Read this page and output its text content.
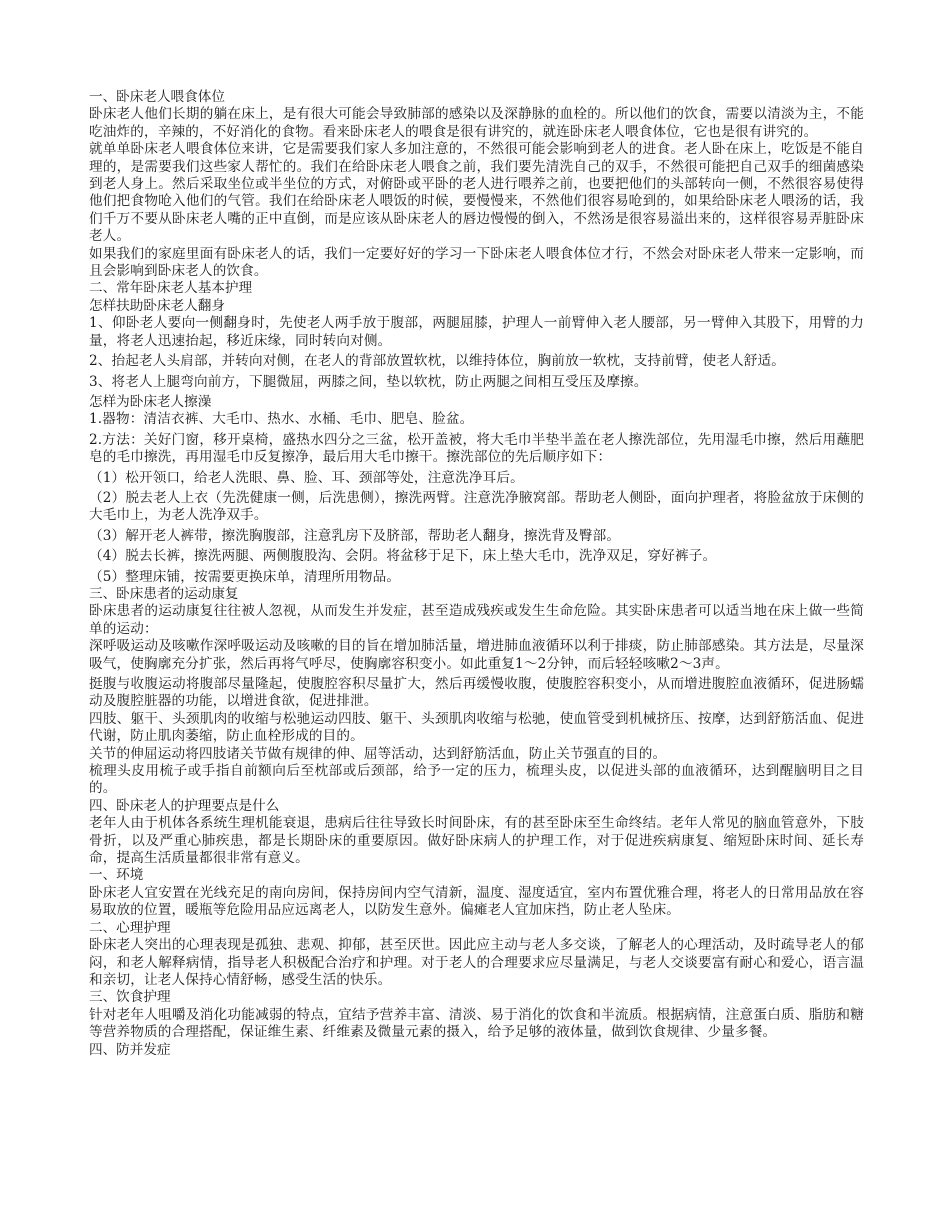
一、卧床老人喂食体位

卧床老人他们长期的躺在床上，是有很大可能会导致肺部的感染以及深静脉的血栓的。所以他们的饮食，需要以清淡为主，不能吃油炸的，辛辣的，不好消化的食物。看来卧床老人的喂食是很有讲究的，就连卧床老人喂食体位，它也是很有讲究的。

就单单卧床老人喂食体位来讲，它是需要我们家人多加注意的，不然很可能会影响到老人的进食。老人卧在床上，吃饭是不能自理的，是需要我们这些家人帮忙的。我们在给卧床老人喂食之前，我们要先清洗自己的双手，不然很可能把自己双手的细菌感染到老人身上。然后采取坐位或半坐位的方式，对俯卧或平卧的老人进行喂养之前，也要把他们的头部转向一侧，不然很容易使得他们把食物呛入他们的气管。我们在给卧床老人喂饭的时候，要慢慢来，不然他们很容易呛到的，如果给卧床老人喂汤的话，我们千万不要从卧床老人嘴的正中直倒，而是应该从卧床老人的唇边慢慢的倒入，不然汤是很容易溢出来的，这样很容易弄脏卧床老人。

如果我们的家庭里面有卧床老人的话，我们一定要好好的学习一下卧床老人喂食体位才行，不然会对卧床老人带来一定影响，而且会影响到卧床老人的饮食。

二、常年卧床老人基本护理

怎样扶助卧床老人翻身

1、仰卧老人要向一侧翻身时，先使老人两手放于腹部，两腿屈膝，护理人一前臂伸入老人腰部，另一臂伸入其股下，用臂的力量，将老人迅速抬起，移近床缘，同时转向对侧。

2、抬起老人头肩部，并转向对侧，在老人的背部放置软枕，以维持体位，胸前放一软枕，支持前臂，使老人舒适。

3、将老人上腿弯向前方，下腿微屈，两膝之间，垫以软枕，防止两腿之间相互受压及摩擦。

怎样为卧床老人擦澡

1.器物：清洁衣裤、大毛巾、热水、水桶、毛巾、肥皂、脸盆。

2.方法：关好门窗，移开桌椅，盛热水四分之三盆，松开盖被，将大毛巾半垫半盖在老人擦洗部位，先用湿毛巾擦，然后用蘸肥皂的毛巾擦洗，再用湿毛巾反复擦净，最后用大毛巾擦干。擦洗部位的先后顺序如下：

（1）松开领口，给老人洗眼、鼻、脸、耳、颈部等处，注意洗净耳后。

（2）脱去老人上衣（先洗健康一侧，后洗患侧），擦洗两臂。注意洗净腋窝部。帮助老人侧卧，面向护理者，将脸盆放于床侧的大毛巾上，为老人洗净双手。

（3）解开老人裤带，擦洗胸腹部，注意乳房下及脐部，帮助老人翻身，擦洗背及臀部。

（4）脱去长裤，擦洗两腿、两侧腹股沟、会阴。将盆移于足下，床上垫大毛巾，洗净双足，穿好裤子。

（5）整理床铺，按需要更换床单，清理所用物品。

三、卧床患者的运动康复

卧床患者的运动康复往往被人忽视，从而发生并发症，甚至造成残疾或发生生命危险。其实卧床患者可以适当地在床上做一些简单的运动：

深呼吸运动及咳嗽作深呼吸运动及咳嗽的目的旨在增加肺活量，增进肺血液循环以利于排痰，防止肺部感染。其方法是，尽量深吸气，使胸廓充分扩张，然后再将气呼尽，使胸廓容积变小。如此重复1～2分钟，而后轻轻咳嗽2～3声。

挺腹与收腹运动将腹部尽量隆起，使腹腔容积尽量扩大，然后再缓慢收腹，使腹腔容积变小，从而增进腹腔血液循环，促进肠蠕动及腹腔脏器的功能，以增进食欲，促进排泄。

四肢、躯干、头颈肌肉的收缩与松驰运动四肢、躯干、头颈肌肉收缩与松驰，使血管受到机械挤压、按摩，达到舒筋活血、促进代谢，防止肌肉萎缩，防止血栓形成的目的。

关节的伸屈运动将四肢诸关节做有规律的伸、屈等活动，达到舒筋活血，防止关节强直的目的。

梳理头皮用梳子或手指自前额向后至枕部或后颈部，给予一定的压力，梳理头皮，以促进头部的血液循环，达到醒脑明目之目的。

四、卧床老人的护理要点是什么

老年人由于机体各系统生理机能衰退，患病后往往导致长时间卧床，有的甚至卧床至生命终结。老年人常见的脑血管意外，下肢骨折，以及严重心肺疾患，都是长期卧床的重要原因。做好卧床病人的护理工作，对于促进疾病康复、缩短卧床时间、延长寿命，提高生活质量都很非常有意义。

一、环境

卧床老人宜安置在光线充足的南向房间，保持房间内空气清新，温度、湿度适宜，室内布置优雅合理，将老人的日常用品放在容易取放的位置，暖瓶等危险用品应远离老人，以防发生意外。偏瘫老人宜加床挡，防止老人坠床。

二、心理护理

卧床老人突出的心理表现是孤独、悲观、抑郁，甚至厌世。因此应主动与老人多交谈，了解老人的心理活动，及时疏导老人的郁闷，和老人解释病情，指导老人积极配合治疗和护理。对于老人的合理要求应尽量满足，与老人交谈要富有耐心和爱心，语言温和亲切，让老人保持心情舒畅，感受生活的快乐。

三、饮食护理

针对老年人咀嚼及消化功能减弱的特点，宜结予营养丰富、清淡、易于消化的饮食和半流质。根据病情，注意蛋白质、脂肪和糖等营养物质的合理搭配，保证维生素、纤维素及微量元素的摄入，给予足够的液体量，做到饮食规律、少量多餐。

四、防并发症
